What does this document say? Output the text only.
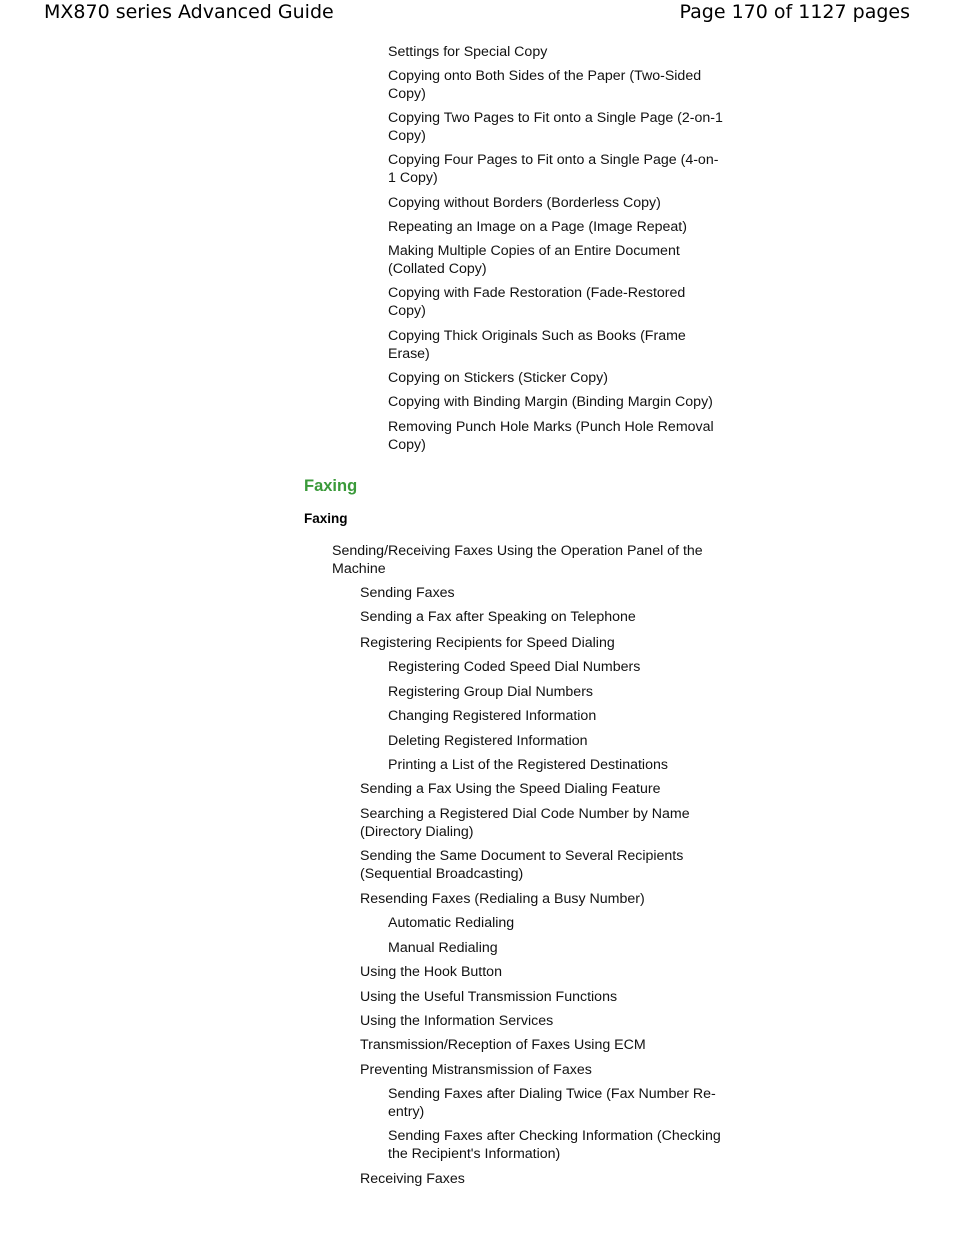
MX870 series Advanced Guide	Page 170 of 1127 pages
Settings for Special Copy
Copying onto Both Sides of the Paper (Two-Sided Copy)
Copying Two Pages to Fit onto a Single Page (2-on-1 Copy)
Copying Four Pages to Fit onto a Single Page (4-on-1 Copy)
Copying without Borders (Borderless Copy)
Repeating an Image on a Page (Image Repeat)
Making Multiple Copies of an Entire Document (Collated Copy)
Copying with Fade Restoration (Fade-Restored Copy)
Copying Thick Originals Such as Books (Frame Erase)
Copying on Stickers (Sticker Copy)
Copying with Binding Margin (Binding Margin Copy)
Removing Punch Hole Marks (Punch Hole Removal Copy)
Faxing
Faxing
Sending/Receiving Faxes Using the Operation Panel of the Machine
Sending Faxes
Sending a Fax after Speaking on Telephone
Registering Recipients for Speed Dialing
Registering Coded Speed Dial Numbers
Registering Group Dial Numbers
Changing Registered Information
Deleting Registered Information
Printing a List of the Registered Destinations
Sending a Fax Using the Speed Dialing Feature
Searching a Registered Dial Code Number by Name (Directory Dialing)
Sending the Same Document to Several Recipients (Sequential Broadcasting)
Resending Faxes (Redialing a Busy Number)
Automatic Redialing
Manual Redialing
Using the Hook Button
Using the Useful Transmission Functions
Using the Information Services
Transmission/Reception of Faxes Using ECM
Preventing Mistransmission of Faxes
Sending Faxes after Dialing Twice (Fax Number Re-entry)
Sending Faxes after Checking Information (Checking the Recipient's Information)
Receiving Faxes
